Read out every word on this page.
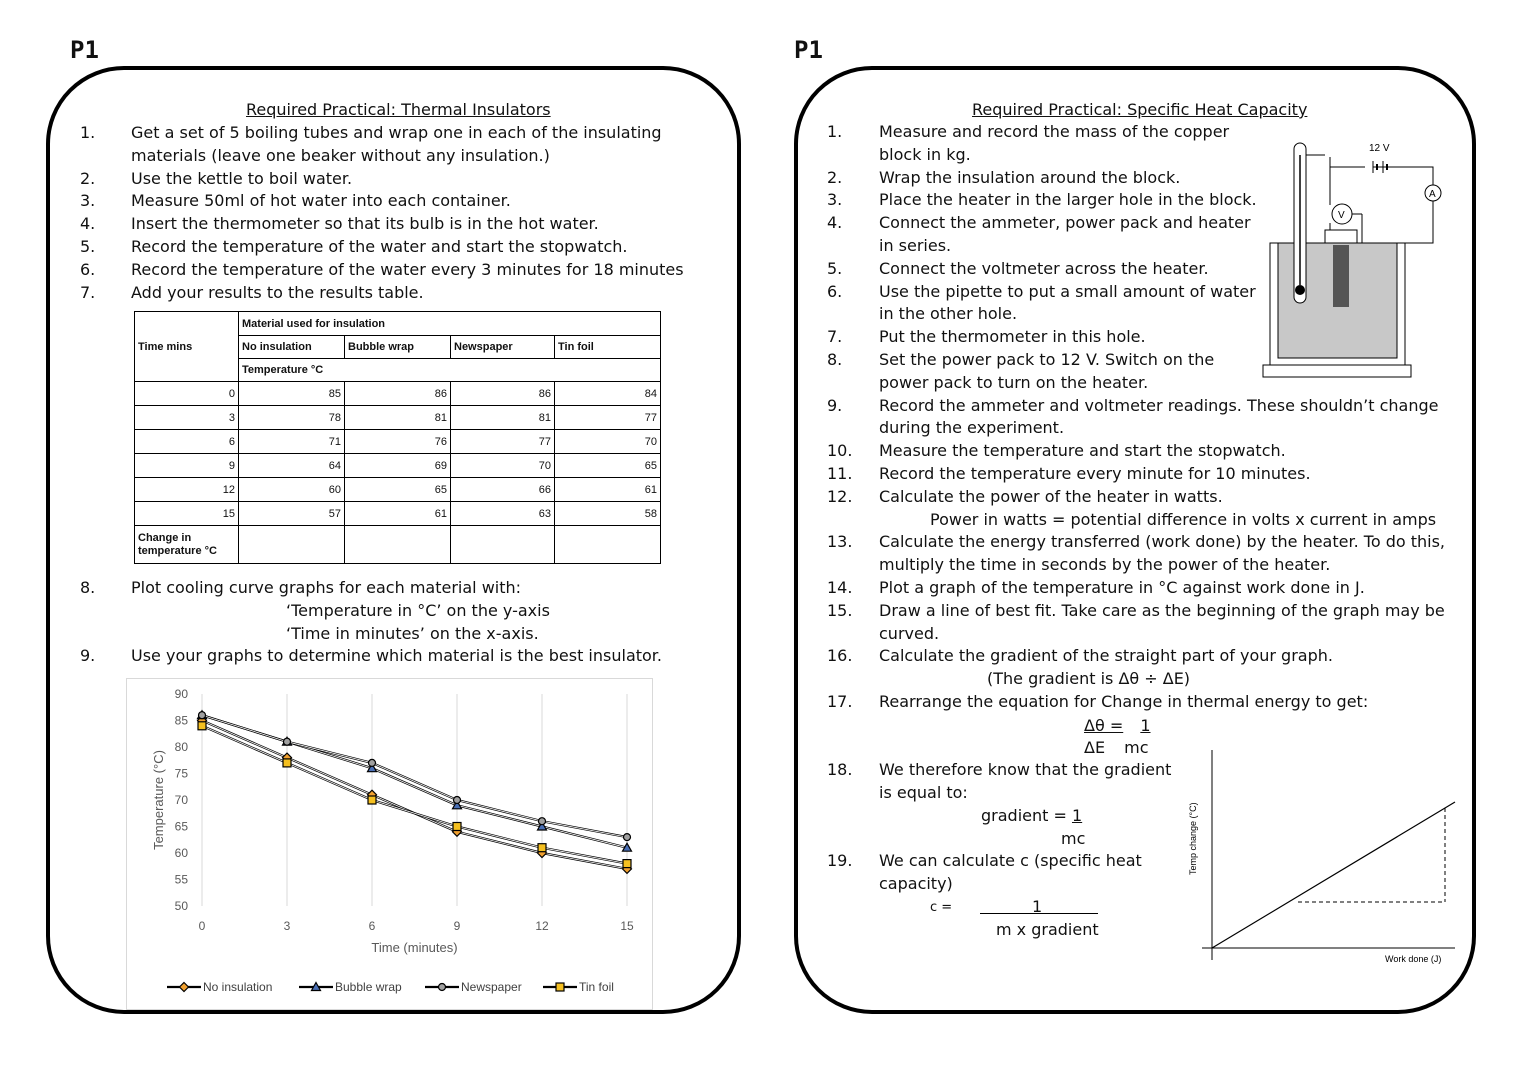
P1
Required Practical: Thermal Insulators
1. Get a set of 5 boiling tubes and wrap one in each of the insulating
materials (leave one beaker without any insulation.)
2. Use the kettle to boil water.
3. Measure 50ml of hot water into each container.
4. Insert the thermometer so that its bulb is in the hot water.
5. Record the temperature of the water and start the stopwatch.
6. Record the temperature of the water every 3 minutes for 18 minutes
7. Add your results to the results table.
Time mins	Material used for insulation			
	No insulation	Bubble wrap	Newspaper	Tin foil
	Temperature °C			
0	85	86	86	84
3	78	81	81	77
6	71	76	77	70
9	64	69	70	65
12	60	65	66	61
15	57	61	63	58
Change in
temperature °C				
8. Plot cooling curve graphs for each material with:
‘Temperature in °C’ on the y-axis
‘Time in minutes’ on the x-axis.
9. Use your graphs to determine which material is the best insulator.
50
55
60
65
70
75
80
85
90
0	3	6	9	12	15
Time (minutes)
Temperature (°C)
No insulation	Bubble wrap	Newspaper	Tin foil
P1
Required Practical: Specific Heat Capacity
1. Measure and record the mass of the copper
block in kg.
2. Wrap the insulation around the block.
3. Place the heater in the larger hole in the block.
4. Connect the ammeter, power pack and heater
in series.
5. Connect the voltmeter across the heater.
6. Use the pipette to put a small amount of water
in the other hole.
7. Put the thermometer in this hole.
8. Set the power pack to 12 V. Switch on the
power pack to turn on the heater.
9. Record the ammeter and voltmeter readings. These shouldn’t change
during the experiment.
10. Measure the temperature and start the stopwatch.
11. Record the temperature every minute for 10 minutes.
12. Calculate the power of the heater in watts.
Power in watts = potential difference in volts x current in amps
13. Calculate the energy transferred (work done) by the heater. To do this,
multiply the time in seconds by the power of the heater.
14. Plot a graph of the temperature in °C against work done in J.
15. Draw a line of best fit. Take care as the beginning of the graph may be
curved.
16. Calculate the gradient of the straight part of your graph.
(The gradient is Δθ ÷ ΔE)
17. Rearrange the equation for Change in thermal energy to get:
12 V
A
V
Δθ = 1
ΔE mc
gradient = 1
mc
c =	1
m x gradient
Temp change (°C)
Work done (J)
18. We therefore know that the gradient
is equal to:
19. We can calculate c (specific heat
capacity)
